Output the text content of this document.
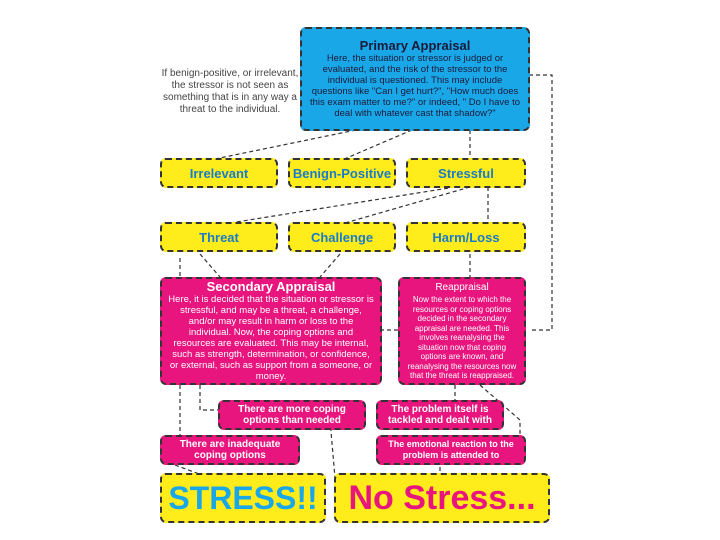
If benign-positive, or irrelevant, the stressor is not seen as something that is in any way a threat to the individual.
Primary Appraisal
Here, the situation or stressor is judged or evaluated, and the risk of the stressor to the individual is questioned. This may include questions like "Can I get hurt?", "How much does this exam matter to me?" or indeed, " Do I have to deal with whatever cast that shadow?"
Irrelevant	Benign-Positive	Stressful
Threat	Challenge	Harm/Loss
Secondary Appraisal
Here, it is decided that the situation or stressor is stressful, and may be a threat, a challenge, and/or may result in harm or loss to the individual. Now, the coping options and resources are evaluated. This may be internal, such as strength, determination, or confidence, or external, such as support from a someone, or money.
Reappraisal
Now the extent to which the resources or coping options decided in the secondary appraisal are needed. This involves reanalysing the situation now that coping options are known, and reanalysing the resources now that the threat is reappraised.
There are more coping options than needed
The problem itself is tackled and dealt with
There are inadequate coping options
The emotional reaction to the problem is attended to
STRESS!! No Stress...
